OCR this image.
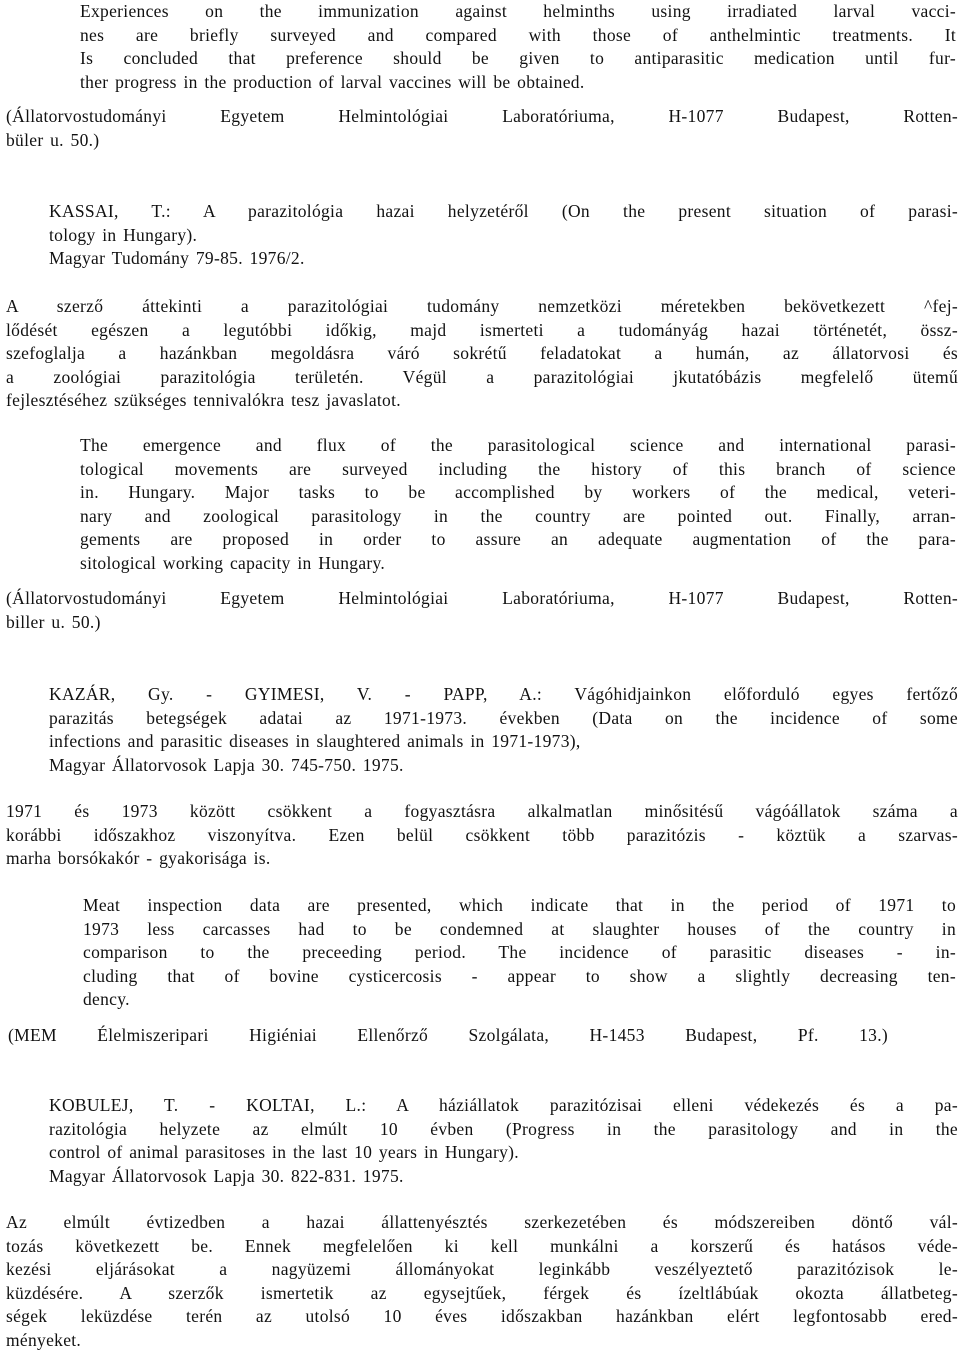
Experiences on the immunization against helminths using irradiated larval vacci-
nes are briefly surveyed and compared with those of anthelmintic treatments. It
Is concluded that preference should be given to antiparasitic medication until fur-
ther progress in the production of larval vaccines will be obtained.
(Állatorvostudományi Egyetem Helmintológiai Laboratóriuma, H-1077 Budapest, Rotten-
büler u. 50.)
KASSAI, T.: A parazitológia hazai helyzetéről (On the present situation of parasi-
tology in Hungary).
Magyar Tudomány 79-85. 1976/2.
A szerző áttekinti a parazitológiai tudomány nemzetközi méretekben bekövetkezett ^fej-
lődését egészen a legutóbbi időkig, majd ismerteti a tudományág hazai történetét, össz-
szefoglalja a hazánkban megoldásra váró sokrétű feladatokat a humán, az állatorvosi és
a zoológiai parazitológia területén. Végül a parazitológiai jkutatóbázis megfelelő ütemű
fejlesztéséhez szükséges tennivalókra tesz javaslatot.
The emergence and flux of the parasitological science and international parasi-
tological movements are surveyed including the history of this branch of science
in. Hungary. Major tasks to be accomplished by workers of the medical, veteri-
nary and zoological parasitology in the country are pointed out. Finally, arran-
gements are proposed in order to assure an adequate augmentation of the para-
sitological working capacity in Hungary.
(Állatorvostudományi Egyetem Helmintológiai Laboratóriuma, H-1077 Budapest, Rotten-
biller u. 50.)
KAZÁR, Gy. - GYIMESI, V. - PAPP, A.: Vágóhidjainkon előforduló egyes fertőző
parazitás betegségek adatai az 1971-1973. években (Data on the incidence of some
infections and parasitic diseases in slaughtered animals in 1971-1973),
Magyar Állatorvosok Lapja 30. 745-750. 1975.
1971 és 1973 között csökkent a fogyasztásra alkalmatlan minősitésű vágóállatok száma a
korábbi időszakhoz viszonyítva. Ezen belül csökkent több parazitózis - köztük a szarvas-
marha borsókakór - gyakorisága is.
Meat inspection data are presented, which indicate that in the period of 1971 to
1973 less carcasses had to be condemned at slaughter houses of the country in
comparison to the preceeding period. The incidence of parasitic diseases - in-
cluding that of bovine cysticercosis - appear to show a slightly decreasing ten-
dency.
(MEM Élelmiszeripari Higiéniai Ellenőrző Szolgálata, H-1453 Budapest, Pf. 13.)
KOBULEJ, T. - KOLTAI, L.: A háziállatok parazitózisai elleni védekezés és a pa-
razitológia helyzete az elmúlt 10 évben (Progress in the parasitology and in the
control of animal parasitoses in the last 10 years in Hungary).
Magyar Állatorvosok Lapja 30. 822-831. 1975.
Az elmúlt évtizedben a hazai állattenyésztés szerkezetében és módszereiben döntő vál-
tozás következett be. Ennek megfelelően ki kell munkálni a korszerű és hatásos véde-
kezési eljárásokat a nagyüzemi állományokat leginkább veszélyeztető parazitózisok le-
küzdésére. A szerzők ismertetik az egysejtűek, férgek és ízeltlábúak okozta állatbeteg-
ségek leküzdése terén az utolsó 10 éves időszakban hazánkban elért legfontosabb ered-
ményeket.
